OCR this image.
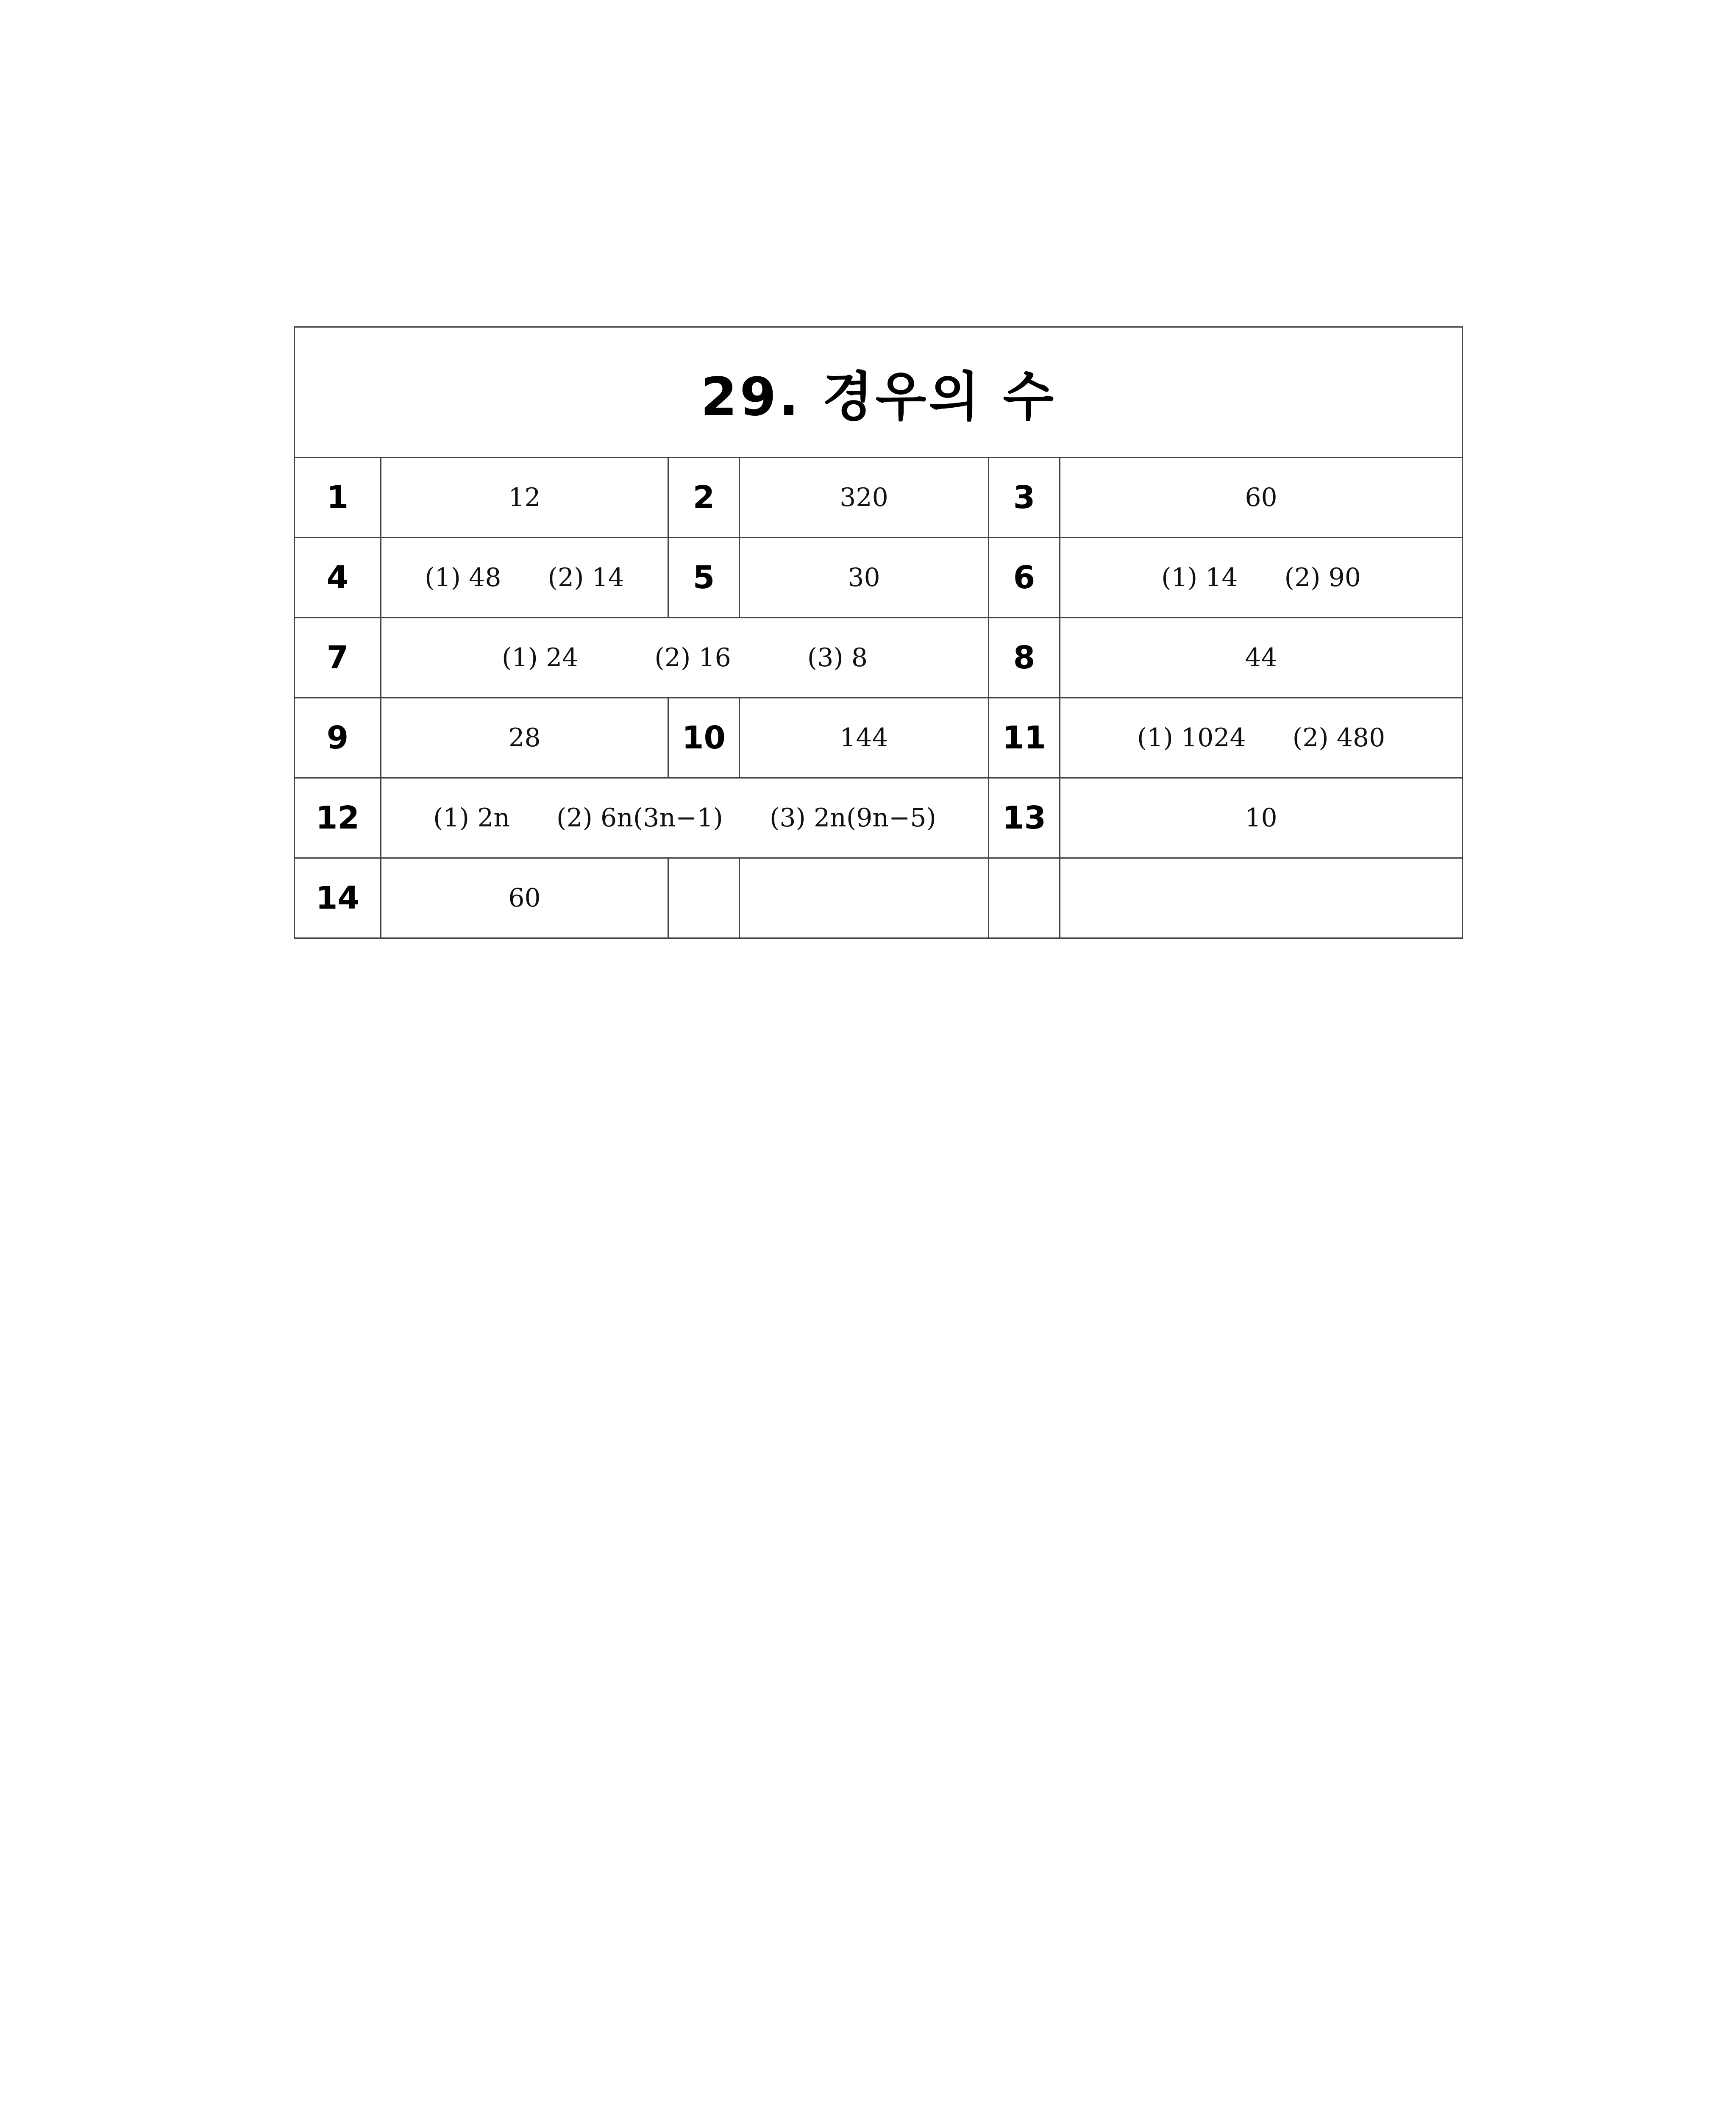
29. 경우의 수					
1	12	2	320	3	60
4	(1) 48 (2) 14	5	30	6	(1) 14 (2) 90
7	(1) 24 (2) 16 (3) 8			8	44
9	28	10	144	11	(1) 1024 (2) 480
12	(1) 2n (2) 6n(3n−1) (3) 2n(9n−5)			13	10
14	60				
